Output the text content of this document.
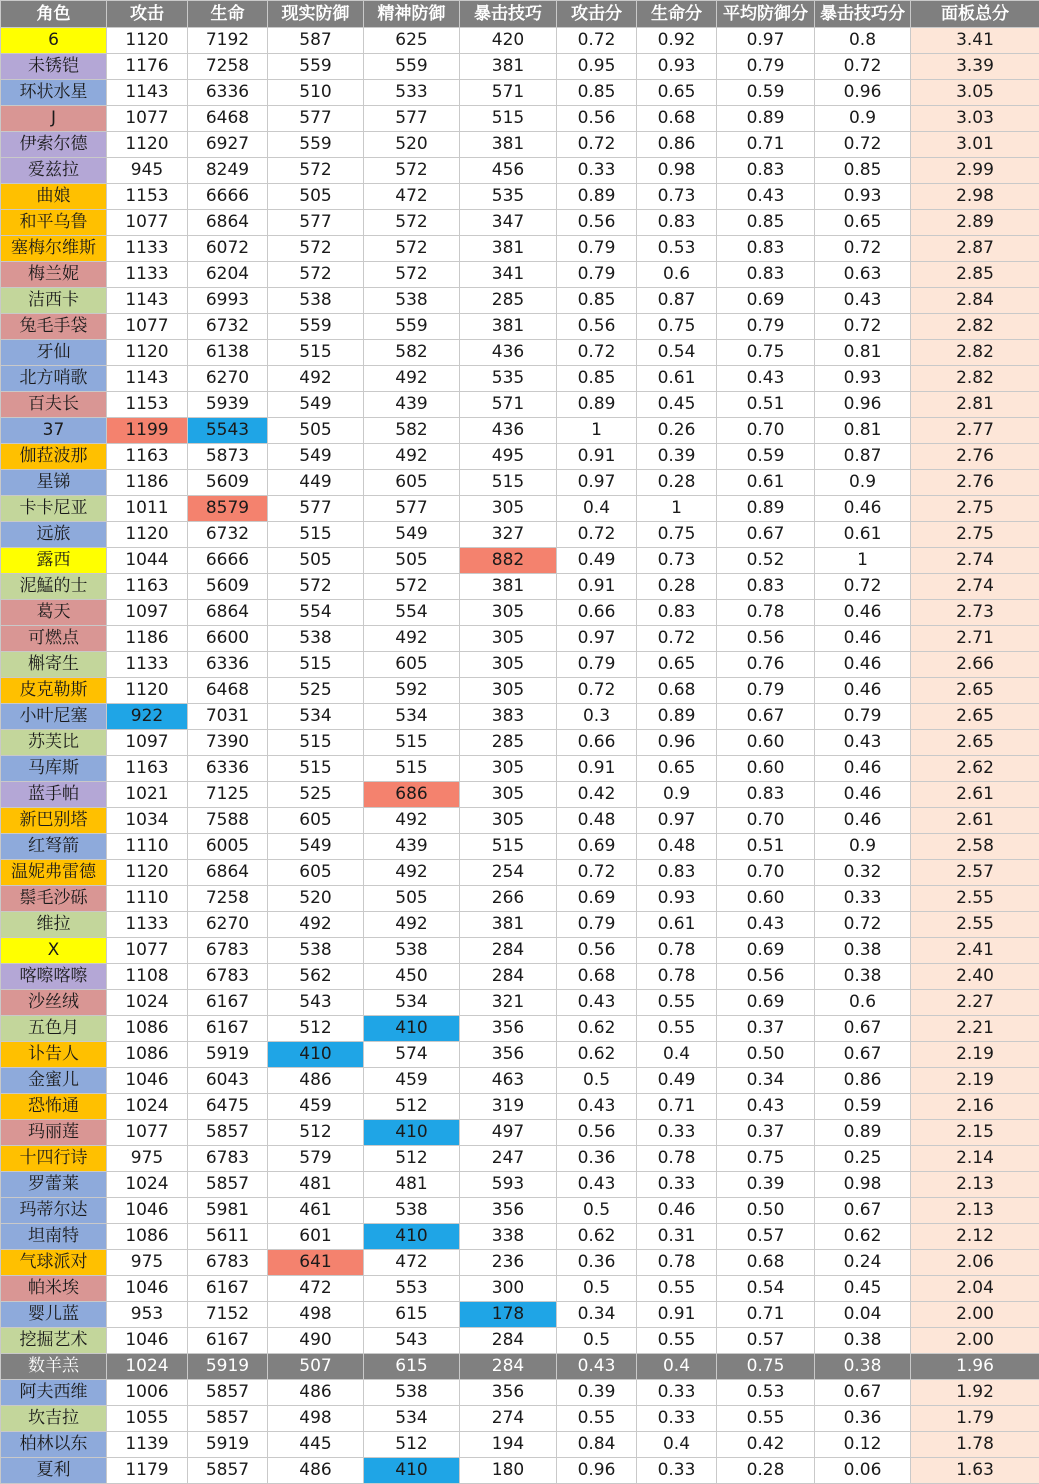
角色	攻击	生命	现实防御	精神防御	暴击技巧	攻击分	生命分	平均防御分	暴击技巧分	面板总分
6	1120	7192	587	625	420	0.72	0.92	0.97	0.8	3.41
未锈铠	1176	7258	559	559	381	0.95	0.93	0.79	0.72	3.39
环状水星	1143	6336	510	533	571	0.85	0.65	0.59	0.96	3.05
J	1077	6468	577	577	515	0.56	0.68	0.89	0.9	3.03
伊索尔德	1120	6927	559	520	381	0.72	0.86	0.71	0.72	3.01
爱兹拉	945	8249	572	572	456	0.33	0.98	0.83	0.85	2.99
曲娘	1153	6666	505	472	535	0.89	0.73	0.43	0.93	2.98
和平乌鲁	1077	6864	577	572	347	0.56	0.83	0.85	0.65	2.89
塞梅尔维斯	1133	6072	572	572	381	0.79	0.53	0.83	0.72	2.87
梅兰妮	1133	6204	572	572	341	0.79	0.6	0.83	0.63	2.85
洁西卡	1143	6993	538	538	285	0.85	0.87	0.69	0.43	2.84
兔毛手袋	1077	6732	559	559	381	0.56	0.75	0.79	0.72	2.82
牙仙	1120	6138	515	582	436	0.72	0.54	0.75	0.81	2.82
北方哨歌	1143	6270	492	492	535	0.85	0.61	0.43	0.93	2.82
百夫长	1153	5939	549	439	571	0.89	0.45	0.51	0.96	2.81
37	1199	5543	505	582	436	1	0.26	0.70	0.81	2.77
伽菈波那	1163	5873	549	492	495	0.91	0.39	0.59	0.87	2.76
星锑	1186	5609	449	605	515	0.97	0.28	0.61	0.9	2.76
卡卡尼亚	1011	8579	577	577	305	0.4	1	0.89	0.46	2.75
远旅	1120	6732	515	549	327	0.72	0.75	0.67	0.61	2.75
露西	1044	6666	505	505	882	0.49	0.73	0.52	1	2.74
泥鯭的士	1163	5609	572	572	381	0.91	0.28	0.83	0.72	2.74
葛天	1097	6864	554	554	305	0.66	0.83	0.78	0.46	2.73
可燃点	1186	6600	538	492	305	0.97	0.72	0.56	0.46	2.71
槲寄生	1133	6336	515	605	305	0.79	0.65	0.76	0.46	2.66
皮克勒斯	1120	6468	525	592	305	0.72	0.68	0.79	0.46	2.65
小叶尼塞	922	7031	534	534	383	0.3	0.89	0.67	0.79	2.65
苏芙比	1097	7390	515	515	285	0.66	0.96	0.60	0.43	2.65
马库斯	1163	6336	515	515	305	0.91	0.65	0.60	0.46	2.62
蓝手帕	1021	7125	525	686	305	0.42	0.9	0.83	0.46	2.61
新巴别塔	1034	7588	605	492	305	0.48	0.97	0.70	0.46	2.61
红弩箭	1110	6005	549	439	515	0.69	0.48	0.51	0.9	2.58
温妮弗雷德	1120	6864	605	492	254	0.72	0.83	0.70	0.32	2.57
鬃毛沙砾	1110	7258	520	505	266	0.69	0.93	0.60	0.33	2.55
维拉	1133	6270	492	492	381	0.79	0.61	0.43	0.72	2.55
X	1077	6783	538	538	284	0.56	0.78	0.69	0.38	2.41
喀嚓喀嚓	1108	6783	562	450	284	0.68	0.78	0.56	0.38	2.40
沙丝绒	1024	6167	543	534	321	0.43	0.55	0.69	0.6	2.27
五色月	1086	6167	512	410	356	0.62	0.55	0.37	0.67	2.21
讣告人	1086	5919	410	574	356	0.62	0.4	0.50	0.67	2.19
金蜜儿	1046	6043	486	459	463	0.5	0.49	0.34	0.86	2.19
恐怖通	1024	6475	459	512	319	0.43	0.71	0.43	0.59	2.16
玛丽莲	1077	5857	512	410	497	0.56	0.33	0.37	0.89	2.15
十四行诗	975	6783	579	512	247	0.36	0.78	0.75	0.25	2.14
罗蕾莱	1024	5857	481	481	593	0.43	0.33	0.39	0.98	2.13
玛蒂尔达	1046	5981	461	538	356	0.5	0.46	0.50	0.67	2.13
坦南特	1086	5611	601	410	338	0.62	0.31	0.57	0.62	2.12
气球派对	975	6783	641	472	236	0.36	0.78	0.68	0.24	2.06
帕米埃	1046	6167	472	553	300	0.5	0.55	0.54	0.45	2.04
婴儿蓝	953	7152	498	615	178	0.34	0.91	0.71	0.04	2.00
挖掘艺术	1046	6167	490	543	284	0.5	0.55	0.57	0.38	2.00
数羊羔	1024	5919	507	615	284	0.43	0.4	0.75	0.38	1.96
阿夫西维	1006	5857	486	538	356	0.39	0.33	0.53	0.67	1.92
坎吉拉	1055	5857	498	534	274	0.55	0.33	0.55	0.36	1.79
柏林以东	1139	5919	445	512	194	0.84	0.4	0.42	0.12	1.78
夏利	1179	5857	486	410	180	0.96	0.33	0.28	0.06	1.63
